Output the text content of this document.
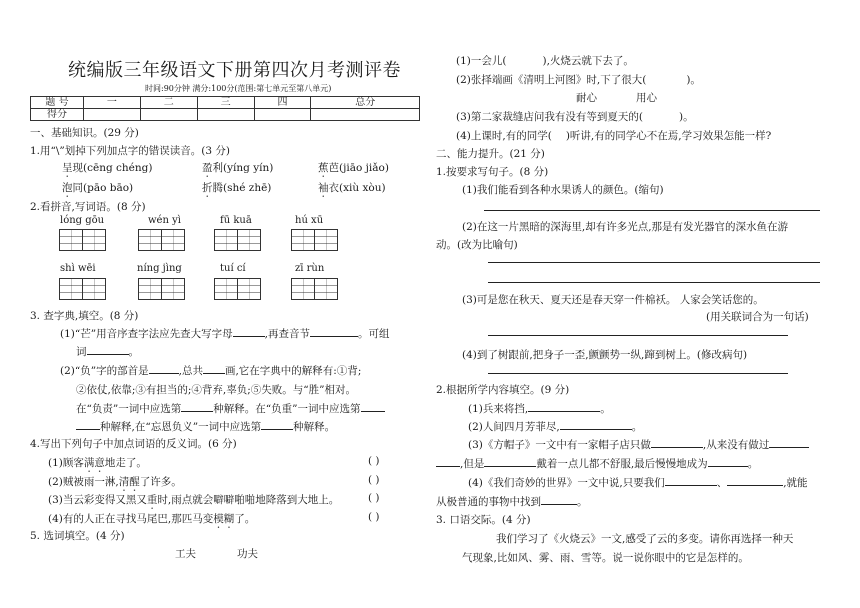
统编版三年级语文下册第四次月考测评卷
时间:90分钟 满分:100分(范围:第七单元至第八单元)
题 号	一	二	三	四	总分
得分					
一、基础知识。(29 分)
1.用“\”划掉下列加点字的错误读音。(3 分)
呈现(cēng chéng)	盈利(yíng yín)	蕉芭(jiāo jiǎo)
泡同(pāo bāo)	折腾(shé zhē)	袖衣(xiù xòu)
2.看拼音,写词语。(8 分)
lóng gōu	wén yì	fū kuā	hú xū
shì wēi	níng jìng	tuí cí	zī rùn
3. 查字典,填空。(8 分)
(1)“芒”用音序查字法应先查大写字母	,再查音节	。可组
词	。
(2)“负”字的部首是	,总共 画,它在字典中的解释有:①背;
②依仗,依靠;③有担当的;④背弃,辜负;⑤失败。与“胜”相对。
在“负责”一词中应选第	种解释。在“负重”一词中应选第
种解释,在“忘恩负义”一词中应选第	种解释。
4.写出下列句子中加点词语的反义词。(6 分)
(1)顾客满意地走了。
(2)贼被雨一淋,清醒了许多。
(3)当云彩变得又黑又重时,雨点就会噼噼啪啪地降落到大地上。
(4)有的人正在寻找马尾巴,那匹马变模糊了。
( )
( )
( )
( )
5. 选词填空。(4 分)
工夫	功夫
(1)一会儿(	),火烧云就下去了。
(2)张择端画《清明上河图》时,下了很大(	)。
耐心	用心
(3)第二家裁缝店问我有没有等到夏天的(	)。
(4)上课时,有的同学( )听讲,有的同学心不在焉,学习效果怎能一样?
二、能力提升。(21 分)
1.按要求写句子。(8 分)
(1)我们能看到各种水果诱人的颜色。(缩句)
(2)在这一片黑暗的深海里,却有许多光点,那是有发光器官的深水鱼在游
动。(改为比喻句)
(3)可是您在秋天、夏天还是春天穿一件棉袄。 人家会笑话您的。
(用关联词合为一句话)
(4)到了树跟前,把身子一歪,颤颤势一纵,蹿到树上。(修改病句)
2.根据所学内容填空。(9 分)
(1)兵来将挡,	。
(2)人间四月芳菲尽,	。
(3)《方帽子》一文中有一家帽子店只做	,从来没有做过
,但是	戴着一点儿都不舒服,最后慢慢地成为	。
(4)《我们奇妙的世界》一文中说,只要我们	、	,就能
从极普通的事物中找到	。
3. 口语交际。(4 分)
我们学习了《火烧云》一文,感受了云的多变。请你再选择一种天
气现象,比如风、雾、雨、雪等。说一说你眼中的它是怎样的。
